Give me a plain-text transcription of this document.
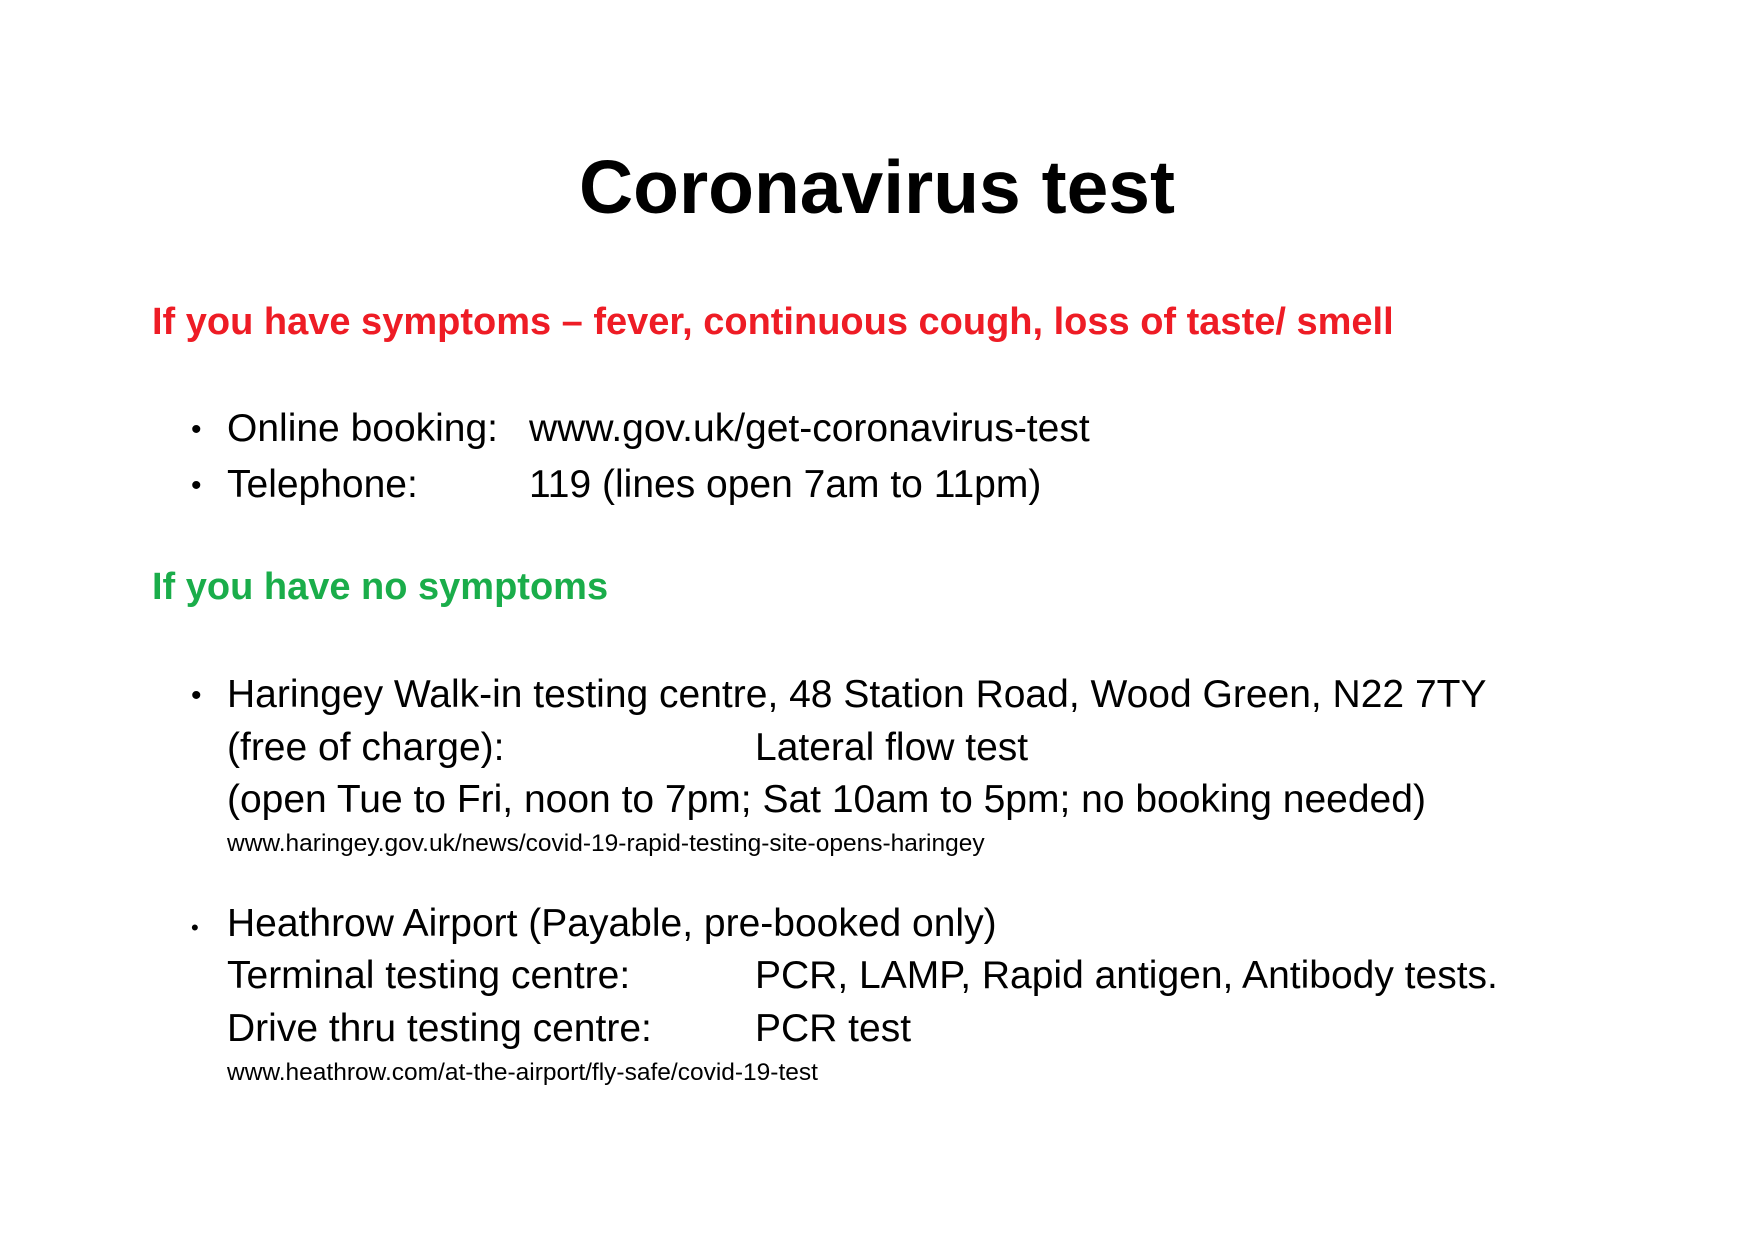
Coronavirus test
If you have symptoms – fever, continuous cough, loss of taste/ smell
• Online booking: www.gov.uk/get-coronavirus-test
• Telephone:	119 (lines open 7am to 11pm)
If you have no symptoms
• Haringey Walk-in testing centre, 48 Station Road, Wood Green, N22 7TY
(free of charge):	Lateral flow test
(open Tue to Fri, noon to 7pm; Sat 10am to 5pm; no booking needed)
www.haringey.gov.uk/news/covid-19-rapid-testing-site-opens-haringey
• Heathrow Airport (Payable, pre-booked only)
Terminal testing centre:	PCR, LAMP, Rapid antigen, Antibody tests.
Drive thru testing centre:	PCR test
www.heathrow.com/at-the-airport/fly-safe/covid-19-test
